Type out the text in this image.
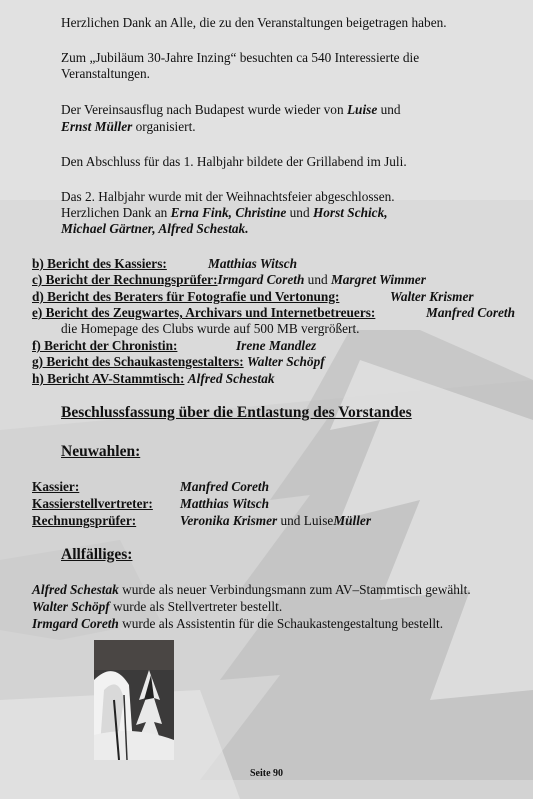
Herzlichen Dank an Alle, die zu den Veranstaltungen beigetragen haben.
Zum „Jubiläum 30-Jahre Inzing“ besuchten ca 540 Interessierte die
Veranstaltungen.
Der Vereinsausflug nach Budapest wurde wieder von Luise und
Ernst Müller organisiert.
Den Abschluss für das 1. Halbjahr bildete der Grillabend im Juli.
Das 2. Halbjahr wurde mit der Weihnachtsfeier abgeschlossen.
Herzlichen Dank an Erna Fink, Christine und Horst Schick,
Michael Gärtner, Alfred Schestak.
b) Bericht des Kassiers:	Matthias Witsch
c) Bericht der Rechnungsprüfer:Irmgard Coreth und Margret Wimmer
d) Bericht des Beraters für Fotografie und Vertonung:	Walter Krismer
e) Bericht des Zeugwartes, Archivars und Internetbetreuers:	Manfred Coreth
die Homepage des Clubs wurde auf 500 MB vergrößert.
f) Bericht der Chronistin:	Irene Mandlez
g) Bericht des Schaukastengestalters: Walter Schöpf
h) Bericht AV-Stammtisch: Alfred Schestak
Beschlussfassung über die Entlastung des Vorstandes
Neuwahlen:
Kassier:	Manfred Coreth
Kassierstellvertreter: Matthias Witsch
Rechnungsprüfer:	Veronika Krismer und LuiseMüller
Allfälliges:
Alfred Schestak wurde als neuer Verbindungsmann zum AV–Stammtisch gewählt.
Walter Schöpf wurde als Stellvertreter bestellt.
Irmgard Coreth wurde als Assistentin für die Schaukastengestaltung bestellt.
Seite 90
